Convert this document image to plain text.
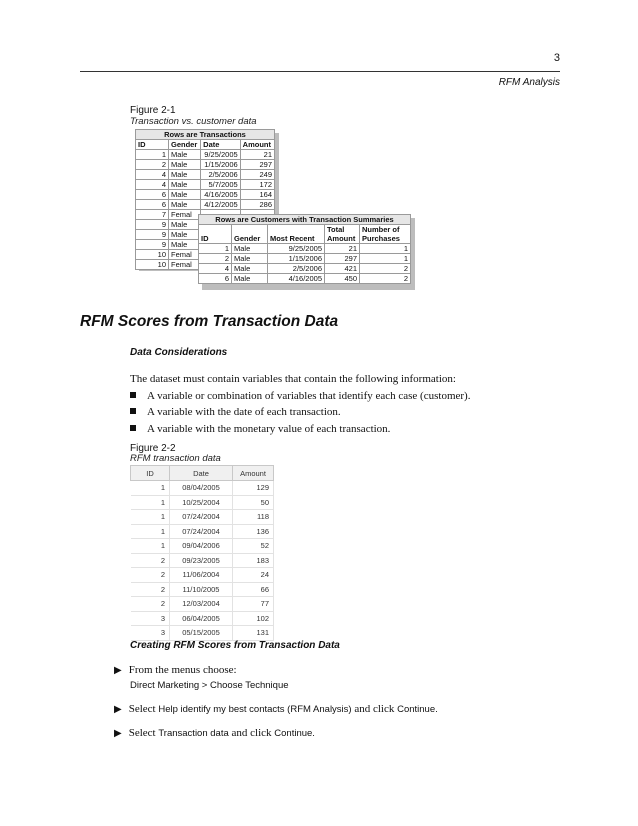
3
RFM Analysis
Figure 2-1
Transaction vs. customer data
Rows are Transactions			
ID	Gender	Date	Amount
1	Male	9/25/2005	21
2	Male	1/15/2006	297
4	Male	2/5/2006	249
4	Male	5/7/2005	172
6	Male	4/16/2005	164
6	Male	4/12/2005	286
7	Femal		
9	Male		
9	Male		
9	Male		
10	Femal		
10	Femal		
Rows are Customers with Transaction Summaries				
ID	Gender	Most Recent	Total Amount	Number of Purchases
1	Male	9/25/2005	21	1
2	Male	1/15/2006	297	1
4	Male	2/5/2006	421	2
6	Male	4/16/2005	450	2
RFM Scores from Transaction Data
Data Considerations
The dataset must contain variables that contain the following information:
A variable or combination of variables that identify each case (customer).
A variable with the date of each transaction.
A variable with the monetary value of each transaction.
Figure 2-2
RFM transaction data
ID	Date	Amount
1	08/04/2005	129
1	10/25/2004	50
1	07/24/2004	118
1	07/24/2004	136
1	09/04/2006	52
2	09/23/2005	183
2	11/06/2004	24
2	11/10/2005	66
2	12/03/2004	77
3	06/04/2005	102
3	05/15/2005	131
Creating RFM Scores from Transaction Data
▶ From the menus choose:
Direct Marketing > Choose Technique
▶ Select Help identify my best contacts (RFM Analysis) and click Continue.
▶ Select Transaction data and click Continue.
